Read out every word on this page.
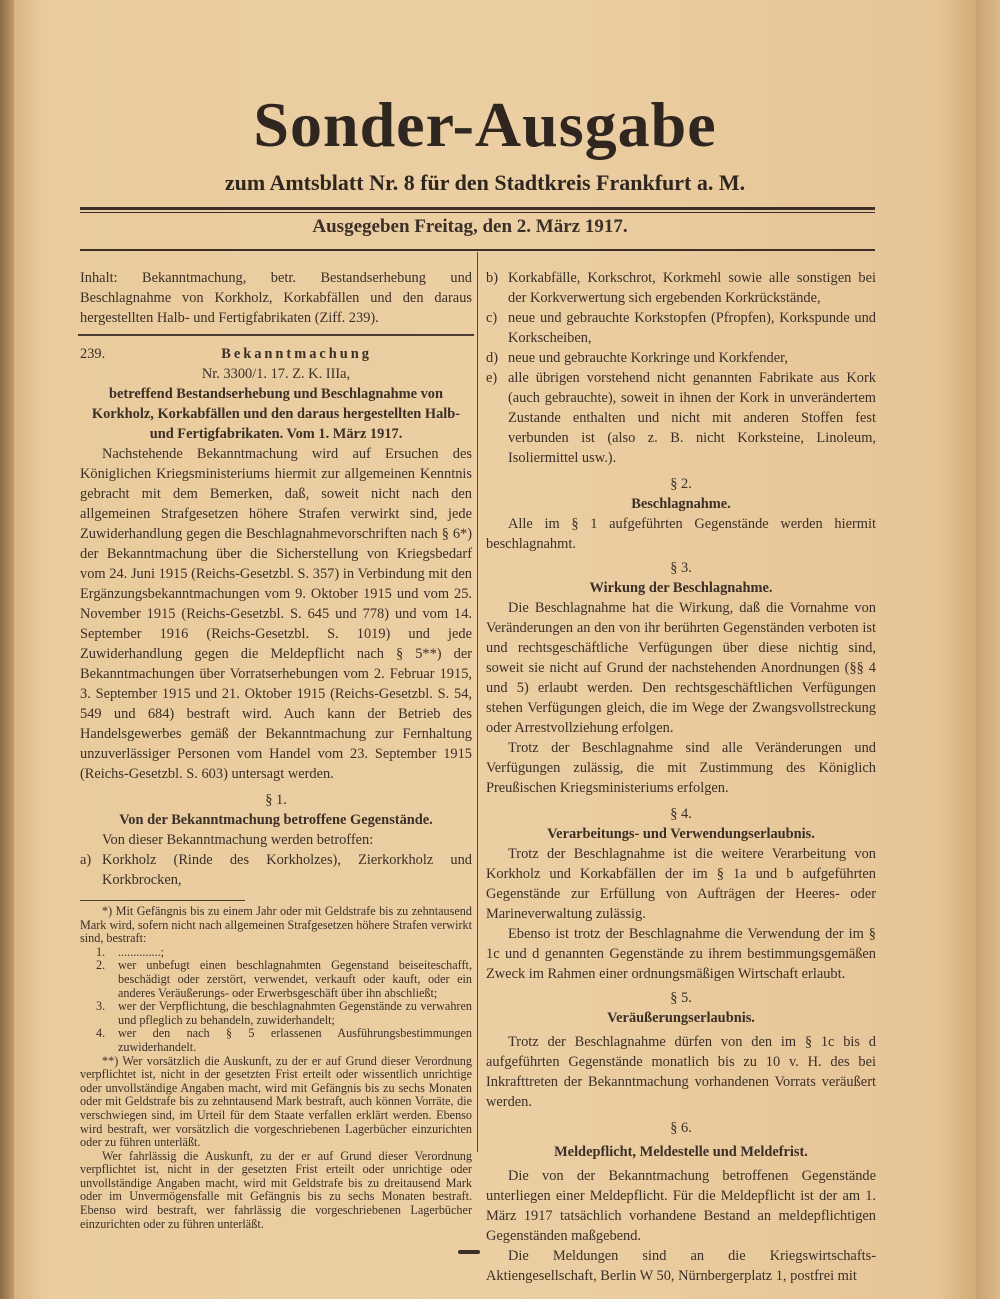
Sonder-Ausgabe
zum Amtsblatt Nr. 8 für den Stadtkreis Frankfurt a. M.
Ausgegeben Freitag, den 2. März 1917.

Inhalt: Bekanntmachung, betr. Bestandserhebung und Beschlagnahme von Korkholz, Korkabfällen und den daraus hergestellten Halb- und Fertigfabrikaten (Ziff. 239).

239.	Bekanntmachung

Nr. 3300/1. 17. Z. K. IIIa,

betreffend Bestandserhebung und Beschlagnahme von Korkholz, Korkabfällen und den daraus hergestellten Halb- und Fertigfabrikaten. Vom 1. März 1917.

Nachstehende Bekanntmachung wird auf Ersuchen des Königlichen Kriegsministeriums hiermit zur allgemeinen Kenntnis gebracht mit dem Bemerken, daß, soweit nicht nach den allgemeinen Strafgesetzen höhere Strafen verwirkt sind, jede Zuwiderhandlung gegen die Beschlagnahmevorschriften nach § 6*) der Bekanntmachung über die Sicherstellung von Kriegsbedarf vom 24. Juni 1915 (Reichs-Gesetzbl. S. 357) in Verbindung mit den Ergänzungsbekanntmachungen vom 9. Oktober 1915 und vom 25. November 1915 (Reichs-Gesetzbl. S. 645 und 778) und vom 14. September 1916 (Reichs-Gesetzbl. S. 1019) und jede Zuwiderhandlung gegen die Meldepflicht nach § 5**) der Bekanntmachungen über Vorratserhebungen vom 2. Februar 1915, 3. September 1915 und 21. Oktober 1915 (Reichs-Gesetzbl. S. 54, 549 und 684) bestraft wird. Auch kann der Betrieb des Handelsgewerbes gemäß der Bekanntmachung zur Fernhaltung unzuverlässiger Personen vom Handel vom 23. September 1915 (Reichs-Gesetzbl. S. 603) untersagt werden.

§ 1.

Von der Bekanntmachung betroffene Gegenstände.

Von dieser Bekanntmachung werden betroffen:

a) Korkholz (Rinde des Korkholzes), Zierkorkholz und Korkbrocken,

*) Mit Gefängnis bis zu einem Jahr oder mit Geldstrafe bis zu zehntausend Mark wird, sofern nicht nach allgemeinen Strafgesetzen höhere Strafen verwirkt sind, bestraft:

1.	..............;
2.	wer unbefugt einen beschlagnahmten Gegenstand beiseiteschafft, beschädigt oder zerstört, verwendet, verkauft oder kauft, oder ein anderes Veräußerungs- oder Erwerbsgeschäft über ihn abschließt;
3.	wer der Verpflichtung, die beschlagnahmten Gegenstände zu verwahren und pfleglich zu behandeln, zuwiderhandelt;
4.	wer den nach § 5 erlassenen Ausführungsbestimmungen zuwiderhandelt.

**) Wer vorsätzlich die Auskunft, zu der er auf Grund dieser Verordnung verpflichtet ist, nicht in der gesetzten Frist erteilt oder wissentlich unrichtige oder unvollständige Angaben macht, wird mit Gefängnis bis zu sechs Monaten oder mit Geldstrafe bis zu zehntausend Mark bestraft, auch können Vorräte, die verschwiegen sind, im Urteil für dem Staate verfallen erklärt werden. Ebenso wird bestraft, wer vorsätzlich die vorgeschriebenen Lagerbücher einzurichten oder zu führen unterläßt.

Wer fahrlässig die Auskunft, zu der er auf Grund dieser Verordnung verpflichtet ist, nicht in der gesetzten Frist erteilt oder unrichtige oder unvollständige Angaben macht, wird mit Geldstrafe bis zu dreitausend Mark oder im Unvermögensfalle mit Gefängnis bis zu sechs Monaten bestraft. Ebenso wird bestraft, wer fahrlässig die vorgeschriebenen Lagerbücher einzurichten oder zu führen unterläßt.

b) Korkabfälle, Korkschrot, Korkmehl sowie alle sonstigen bei der Korkverwertung sich ergebenden Korkrückstände,
c) neue und gebrauchte Korkstopfen (Pfropfen), Korkspunde und Korkscheiben,
d) neue und gebrauchte Korkringe und Korkfender,
e) alle übrigen vorstehend nicht genannten Fabrikate aus Kork (auch gebrauchte), soweit in ihnen der Kork in unverändertem Zustande enthalten und nicht mit anderen Stoffen fest verbunden ist (also z. B. nicht Korksteine, Linoleum, Isoliermittel usw.).

§ 2.

Beschlagnahme.

Alle im § 1 aufgeführten Gegenstände werden hiermit beschlagnahmt.

§ 3.

Wirkung der Beschlagnahme.

Die Beschlagnahme hat die Wirkung, daß die Vornahme von Veränderungen an den von ihr berührten Gegenständen verboten ist und rechtsgeschäftliche Verfügungen über diese nichtig sind, soweit sie nicht auf Grund der nachstehenden Anordnungen (§§ 4 und 5) erlaubt werden. Den rechtsgeschäftlichen Verfügungen stehen Verfügungen gleich, die im Wege der Zwangsvollstreckung oder Arrestvollziehung erfolgen.

Trotz der Beschlagnahme sind alle Veränderungen und Verfügungen zulässig, die mit Zustimmung des Königlich Preußischen Kriegsministeriums erfolgen.

§ 4.

Verarbeitungs- und Verwendungserlaubnis.

Trotz der Beschlagnahme ist die weitere Verarbeitung von Korkholz und Korkabfällen der im § 1a und b aufgeführten Gegenstände zur Erfüllung von Aufträgen der Heeres- oder Marineverwaltung zulässig.

Ebenso ist trotz der Beschlagnahme die Verwendung der im § 1c und d genannten Gegenstände zu ihrem bestimmungsgemäßen Zweck im Rahmen einer ordnungsmäßigen Wirtschaft erlaubt.

§ 5.

Veräußerungserlaubnis.

Trotz der Beschlagnahme dürfen von den im § 1c bis d aufgeführten Gegenstände monatlich bis zu 10 v. H. des bei Inkrafttreten der Bekanntmachung vorhandenen Vorrats veräußert werden.

§ 6.

Meldepflicht, Meldestelle und Meldefrist.

Die von der Bekanntmachung betroffenen Gegenstände unterliegen einer Meldepflicht. Für die Meldepflicht ist der am 1. März 1917 tatsächlich vorhandene Bestand an meldepflichtigen Gegenständen maßgebend.

Die Meldungen sind an die Kriegswirtschafts-Aktiengesellschaft, Berlin W 50, Nürnbergerplatz 1, postfrei mit
